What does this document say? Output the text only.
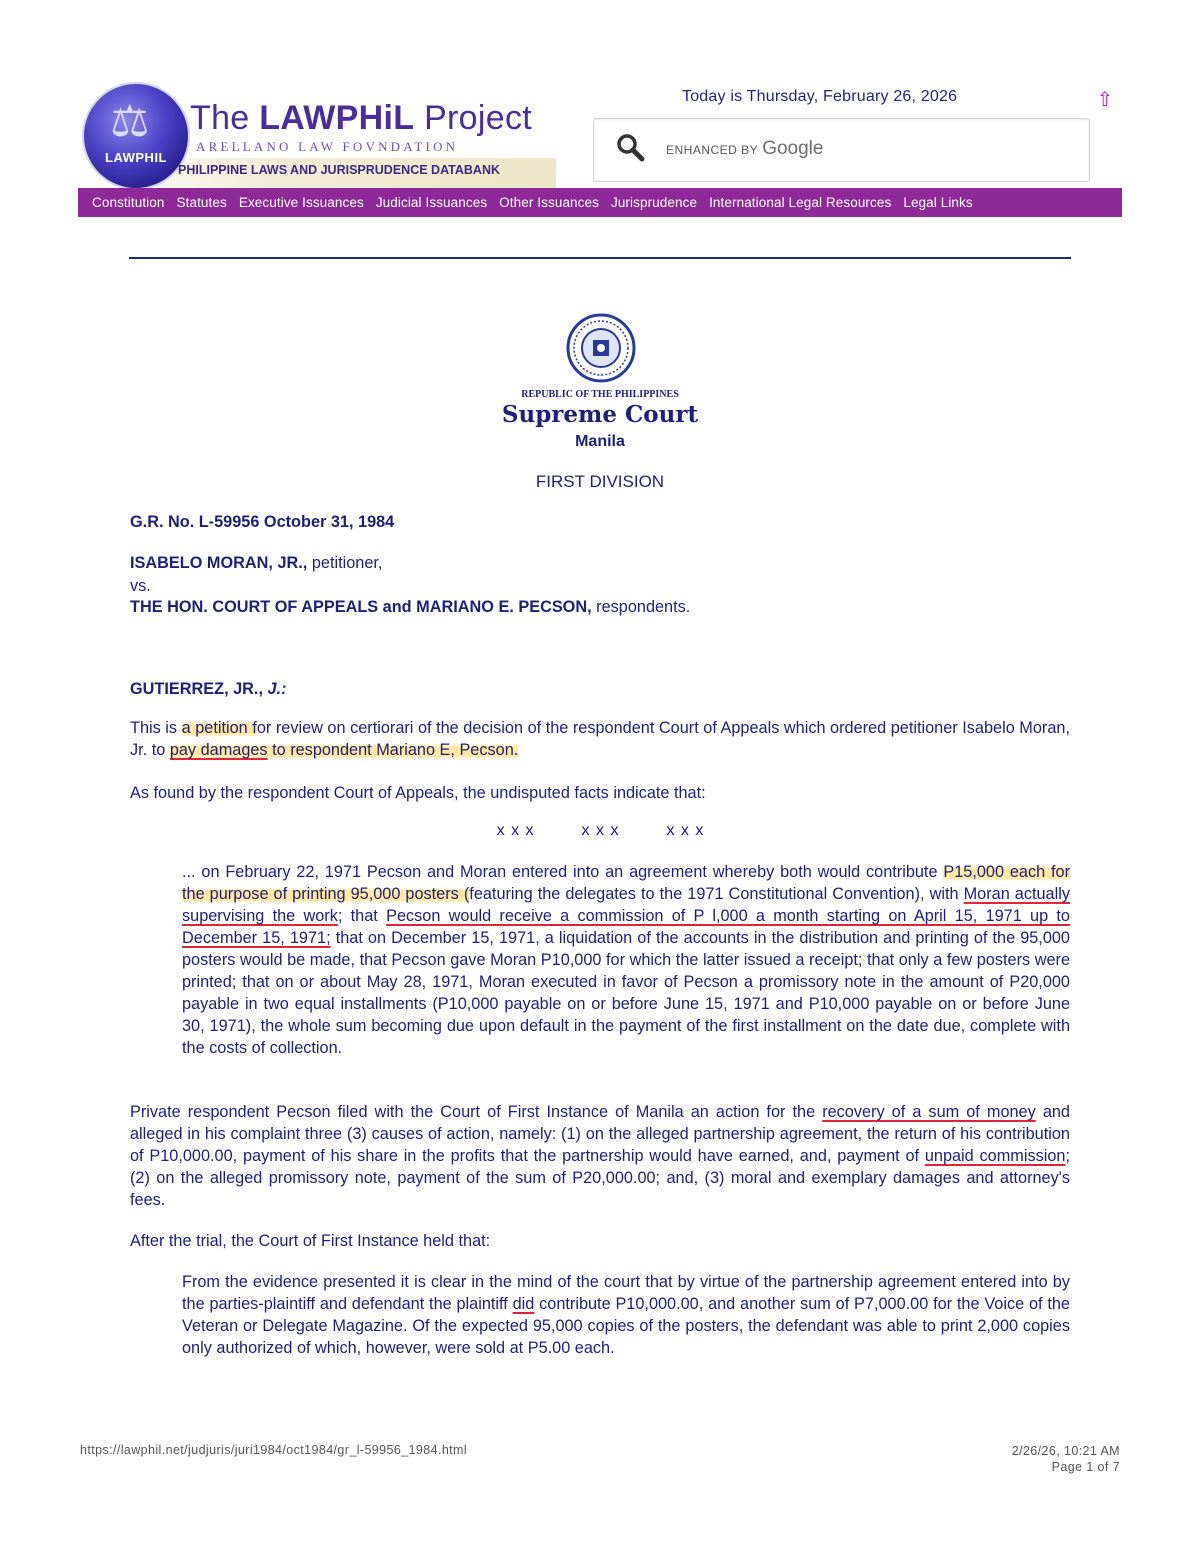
⚖
LAWPHIL
The LAWPHiL Project
ARELLANO LAW FOVNDATION
PHILIPPINE LAWS AND JURISPRUDENCE DATABANK
Today is Thursday, February 26, 2026	⇧
ENHANCED BY Google
Constitution Statutes Executive Issuances Judicial Issuances Other Issuances Jurisprudence International Legal Resources Legal Links
REPUBLIC OF THE PHILIPPINES
Supreme Court
Manila
FIRST DIVISION
G.R. No. L-59956 October 31, 1984
ISABELO MORAN, JR., petitioner,
vs.
THE HON. COURT OF APPEALS and MARIANO E. PECSON, respondents.
GUTIERREZ, JR., J.:
This is a petition for review on certiorari of the decision of the respondent Court of Appeals which ordered petitioner Isabelo Moran, Jr. to pay damages to respondent Mariano E, Pecson.
As found by the respondent Court of Appeals, the undisputed facts indicate that:
x x x	x x x	x x x
... on February 22, 1971 Pecson and Moran entered into an agreement whereby both would contribute P15,000 each for the purpose of printing 95,000 posters (featuring the delegates to the 1971 Constitutional Convention), with Moran actually supervising the work; that Pecson would receive a commission of P l,000 a month starting on April 15, 1971 up to December 15, 1971; that on December 15, 1971, a liquidation of the accounts in the distribution and printing of the 95,000 posters would be made, that Pecson gave Moran P10,000 for which the latter issued a receipt; that only a few posters were printed; that on or about May 28, 1971, Moran executed in favor of Pecson a promissory note in the amount of P20,000 payable in two equal installments (P10,000 payable on or before June 15, 1971 and P10,000 payable on or before June 30, 1971), the whole sum becoming due upon default in the payment of the first installment on the date due, complete with the costs of collection.
Private respondent Pecson filed with the Court of First Instance of Manila an action for the recovery of a sum of money and alleged in his complaint three (3) causes of action, namely: (1) on the alleged partnership agreement, the return of his contribution of P10,000.00, payment of his share in the profits that the partnership would have earned, and, payment of unpaid commission; (2) on the alleged promissory note, payment of the sum of P20,000.00; and, (3) moral and exemplary damages and attorney's fees.
After the trial, the Court of First Instance held that:
From the evidence presented it is clear in the mind of the court that by virtue of the partnership agreement entered into by the parties-plaintiff and defendant the plaintiff did contribute P10,000.00, and another sum of P7,000.00 for the Voice of the Veteran or Delegate Magazine. Of the expected 95,000 copies of the posters, the defendant was able to print 2,000 copies only authorized of which, however, were sold at P5.00 each.
https://lawphil.net/judjuris/juri1984/oct1984/gr_l-59956_1984.html	2/26/26, 10:21 AM
Page 1 of 7
